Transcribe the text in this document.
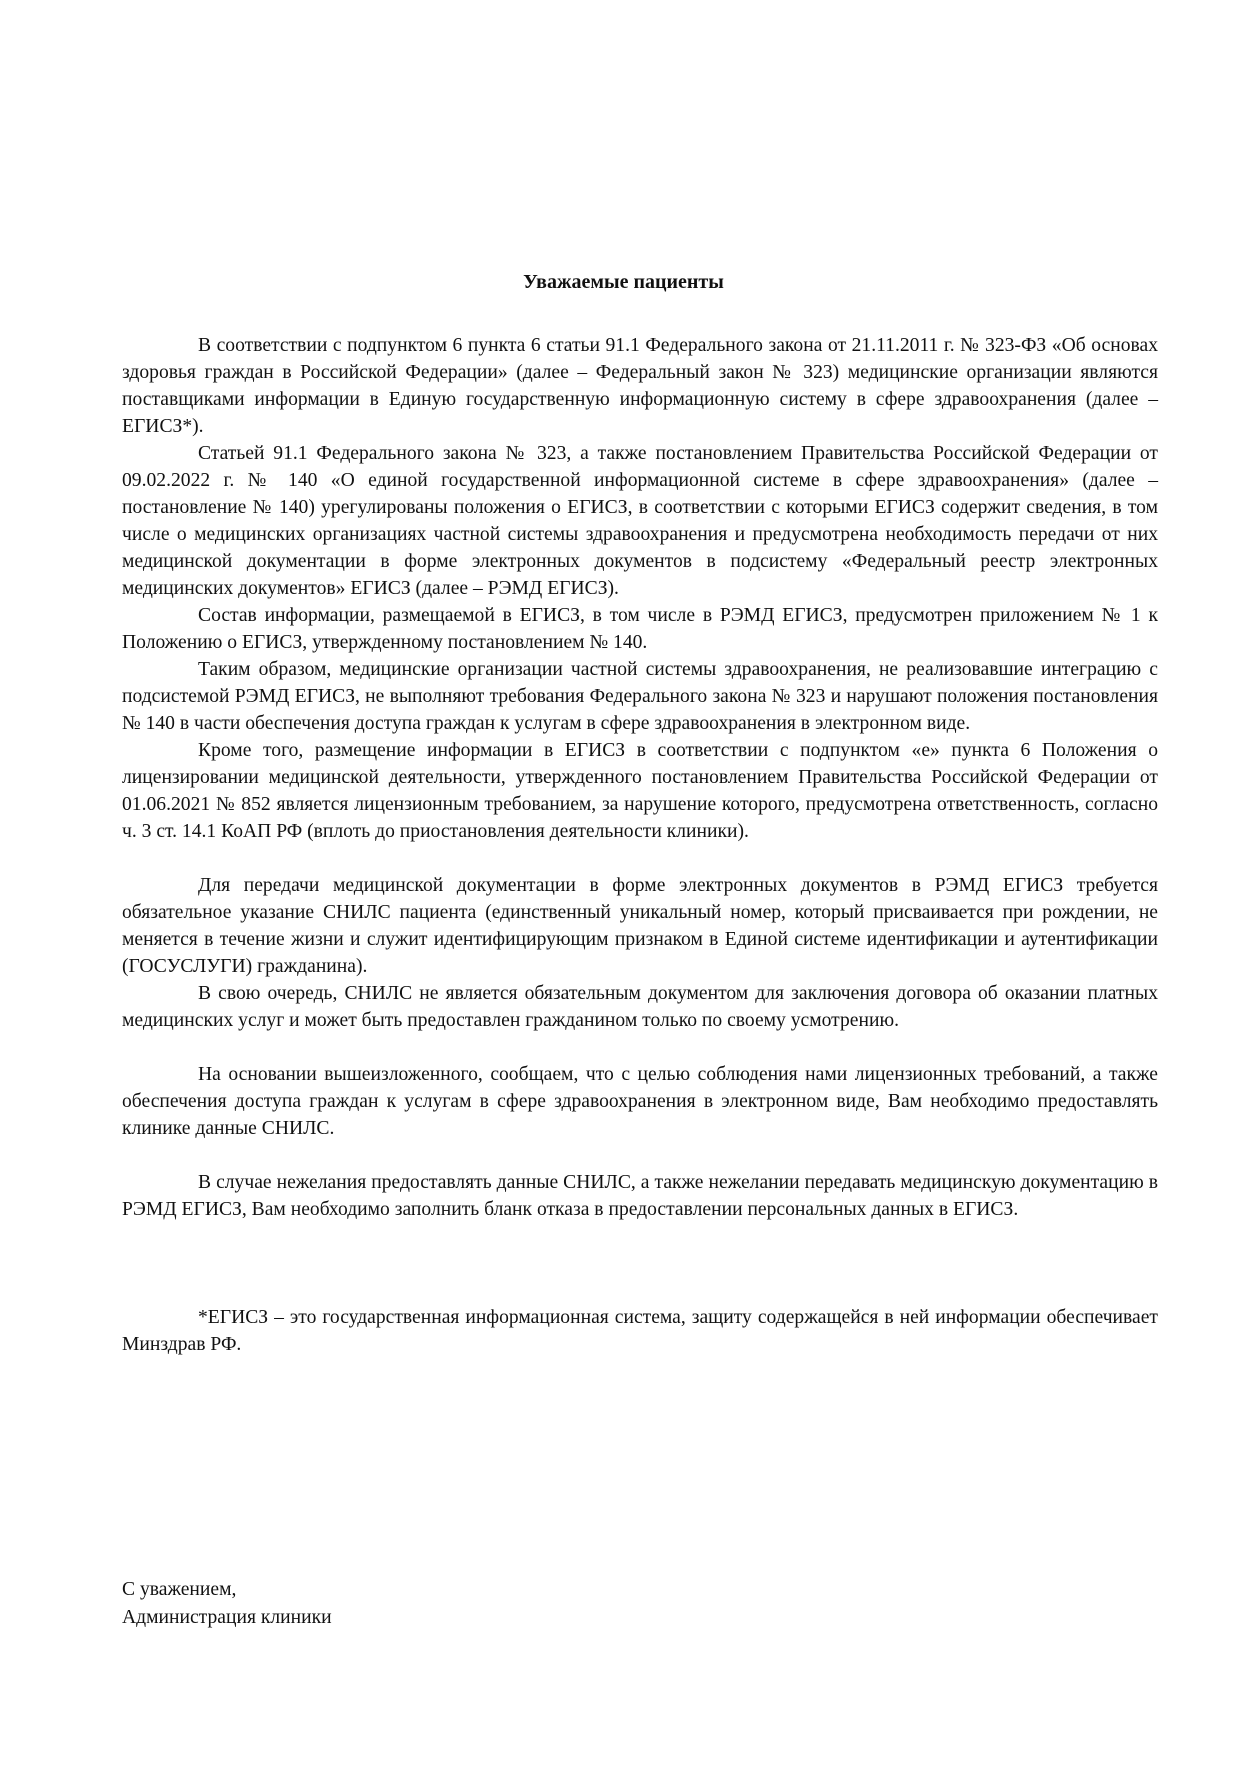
Уважаемые пациенты

В соответствии с подпунктом 6 пункта 6 статьи 91.1 Федерального закона от 21.11.2011 г. № 323-ФЗ «Об основах здоровья граждан в Российской Федерации» (далее – Федеральный закон № 323) медицинские организации являются поставщиками информации в Единую государственную информационную систему в сфере здравоохранения (далее – ЕГИСЗ*).

Статьей 91.1 Федерального закона № 323, а также постановлением Правительства Российской Федерации от 09.02.2022 г. № 140 «О единой государственной информационной системе в сфере здравоохранения» (далее – постановление № 140) урегулированы положения о ЕГИСЗ, в соответствии с которыми ЕГИСЗ содержит сведения, в том числе о медицинских организациях частной системы здравоохранения и предусмотрена необходимость передачи от них медицинской документации в форме электронных документов в подсистему «Федеральный реестр электронных медицинских документов» ЕГИСЗ (далее – РЭМД ЕГИСЗ).

Состав информации, размещаемой в ЕГИСЗ, в том числе в РЭМД ЕГИСЗ, предусмотрен приложением № 1 к Положению о ЕГИСЗ, утвержденному постановлением № 140.

Таким образом, медицинские организации частной системы здравоохранения, не реализовавшие интеграцию с подсистемой РЭМД ЕГИСЗ, не выполняют требования Федерального закона № 323 и нарушают положения постановления № 140 в части обеспечения доступа граждан к услугам в сфере здравоохранения в электронном виде.

Кроме того, размещение информации в ЕГИСЗ в соответствии с подпунктом «е» пункта 6 Положения о лицензировании медицинской деятельности, утвержденного постановлением Правительства Российской Федерации от 01.06.2021 № 852 является лицензионным требованием, за нарушение которого, предусмотрена ответственность, согласно ч. 3 ст. 14.1 КоАП РФ (вплоть до приостановления деятельности клиники).

Для передачи медицинской документации в форме электронных документов в РЭМД ЕГИСЗ требуется обязательное указание СНИЛС пациента (единственный уникальный номер, который присваивается при рождении, не меняется в течение жизни и служит идентифицирующим признаком в Единой системе идентификации и аутентификации (ГОСУСЛУГИ) гражданина).

В свою очередь, СНИЛС не является обязательным документом для заключения договора об оказании платных медицинских услуг и может быть предоставлен гражданином только по своему усмотрению.

На основании вышеизложенного, сообщаем, что с целью соблюдения нами лицензионных требований, а также обеспечения доступа граждан к услугам в сфере здравоохранения в электронном виде, Вам необходимо предоставлять клинике данные СНИЛС.

В случае нежелания предоставлять данные СНИЛС, а также нежелании передавать медицинскую документацию в РЭМД ЕГИСЗ, Вам необходимо заполнить бланк отказа в предоставлении персональных данных в ЕГИСЗ.

*ЕГИСЗ – это государственная информационная система, защиту содержащейся в ней информации обеспечивает Минздрав РФ.

С уважением,
Администрация клиники
